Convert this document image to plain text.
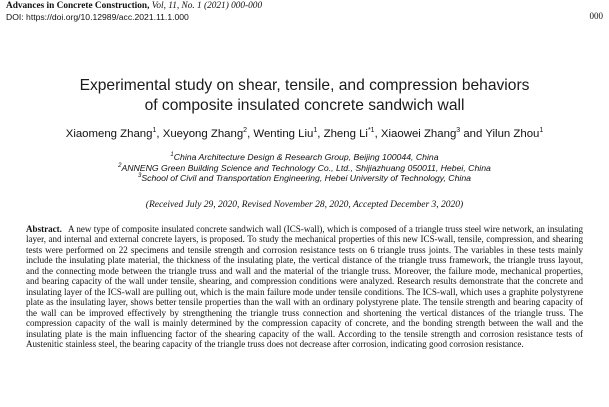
Advances in Concrete Construction, Vol, 11, No. 1 (2021) 000-000
DOI: https://doi.org/10.12989/acc.2021.11.1.000	000
Experimental study on shear, tensile, and compression behaviors
of composite insulated concrete sandwich wall
Xiaomeng Zhang$^1$, Xueyong Zhang$^2$, Wenting Liu$^1$, Zheng Li$^{*1}$, Xiaowei Zhang$^3$ and Yilun Zhou$^1$
$^1$China Architecture Design & Research Group, Beijing 100044, China
$^2$ANNENG Green Building Science and Technology Co., Ltd., Shijiazhuang 050011, Hebei, China
$^3$School of Civil and Transportation Engineering, Hebei University of Technology, China
(Received July 29, 2020, Revised November 28, 2020, Accepted December 3, 2020)
Abstract. A new type of composite insulated concrete sandwich wall (ICS-wall), which is composed of a triangle truss steel wire network, an insulating layer, and internal and external concrete layers, is proposed. To study the mechanical properties of this new ICS-wall, tensile, compression, and shearing tests were performed on 22 specimens and tensile strength and corrosion resistance tests on 6 triangle truss joints. The variables in these tests mainly include the insulating plate material, the thickness of the insulating plate, the vertical distance of the triangle truss framework, the triangle truss layout, and the connecting mode between the triangle truss and wall and the material of the triangle truss. Moreover, the failure mode, mechanical properties, and bearing capacity of the wall under tensile, shearing, and compression conditions were analyzed. Research results demonstrate that the concrete and insulating layer of the ICS-wall are pulling out, which is the main failure mode under tensile conditions. The ICS-wall, which uses a graphite polystyrene plate as the insulating layer, shows better tensile properties than the wall with an ordinary polystyrene plate. The tensile strength and bearing capacity of the wall can be improved effectively by strengthening the triangle truss connection and shortening the vertical distances of the triangle truss. The compression capacity of the wall is mainly determined by the compression capacity of concrete, and the bonding strength between the wall and the insulating plate is the main influencing factor of the shearing capacity of the wall. According to the tensile strength and corrosion resistance tests of Austenitic stainless steel, the bearing capacity of the triangle truss does not decrease after corrosion, indicating good corrosion resistance.
